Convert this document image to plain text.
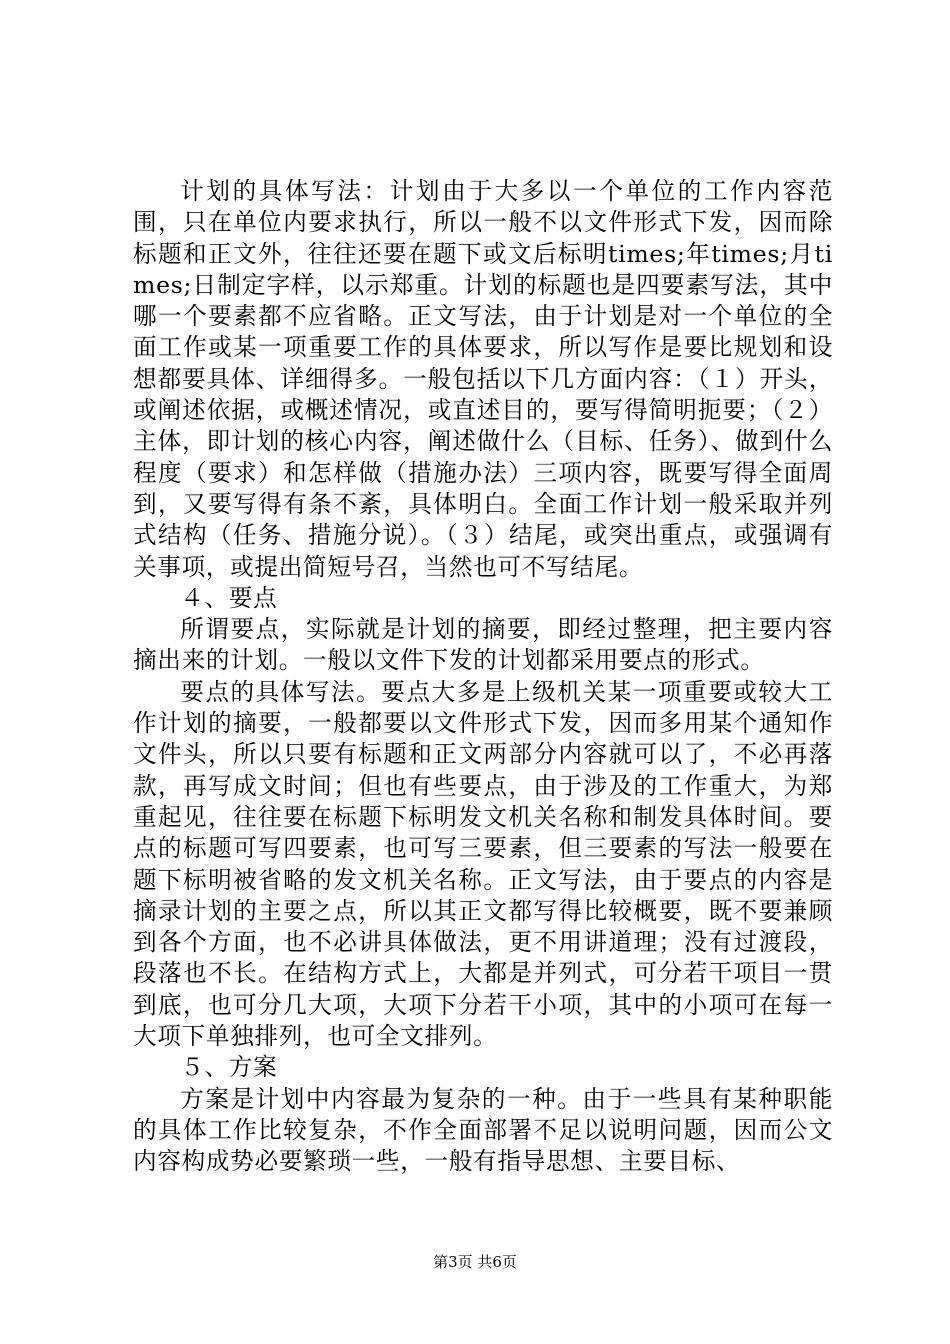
计划的具体写法：计划由于大多以一个单位的工作内容范围，只在单位内要求执行，所以一般不以文件形式下发，因而除标题和正文外，往往还要在题下或文后标明times;年times;月times;日制定字样，以示郑重。计划的标题也是四要素写法，其中哪一个要素都不应省略。正文写法，由于计划是对一个单位的全面工作或某一项重要工作的具体要求，所以写作是要比规划和设想都要具体、详细得多。一般包括以下几方面内容：（１）开头，或阐述依据，或概述情况，或直述目的，要写得简明扼要；（２）主体，即计划的核心内容，阐述做什么（目标、任务）、做到什么程度（要求）和怎样做（措施办法）三项内容，既要写得全面周到，又要写得有条不紊，具体明白。全面工作计划一般采取并列式结构（任务、措施分说）。（３）结尾，或突出重点，或强调有关事项，或提出简短号召，当然也可不写结尾。

４、要点

所谓要点，实际就是计划的摘要，即经过整理，把主要内容摘出来的计划。一般以文件下发的计划都采用要点的形式。

要点的具体写法。要点大多是上级机关某一项重要或较大工作计划的摘要，一般都要以文件形式下发，因而多用某个通知作文件头，所以只要有标题和正文两部分内容就可以了，不必再落款，再写成文时间；但也有些要点，由于涉及的工作重大，为郑重起见，往往要在标题下标明发文机关名称和制发具体时间。要点的标题可写四要素，也可写三要素，但三要素的写法一般要在题下标明被省略的发文机关名称。正文写法，由于要点的内容是摘录计划的主要之点，所以其正文都写得比较概要，既不要兼顾到各个方面，也不必讲具体做法，更不用讲道理；没有过渡段，段落也不长。在结构方式上，大都是并列式，可分若干项目一贯到底，也可分几大项，大项下分若干小项，其中的小项可在每一大项下单独排列，也可全文排列。

５、方案

方案是计划中内容最为复杂的一种。由于一些具有某种职能的具体工作比较复杂，不作全面部署不足以说明问题，因而公文内容构成势必要繁琐一些，一般有指导思想、主要目标、

第3页 共6页
